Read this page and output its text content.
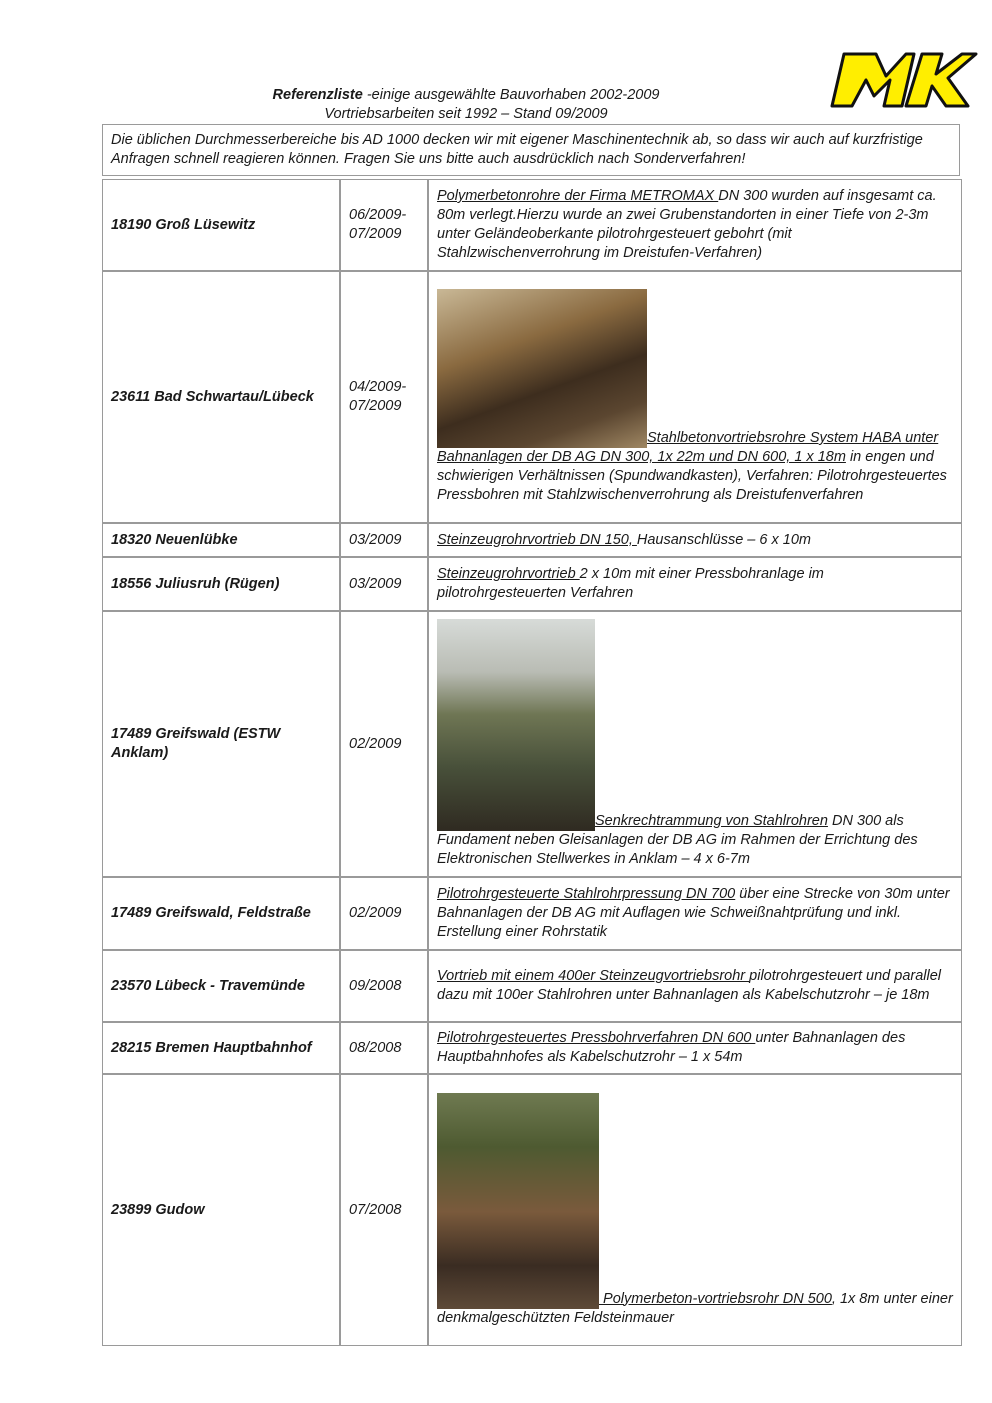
Referenzliste -einige ausgewählte Bauvorhaben 2002-2009
Vortriebsarbeiten seit 1992 – Stand 09/2009
Die üblichen Durchmesserbereiche bis AD 1000 decken wir mit eigener Maschinentechnik ab, so dass wir auch auf kurzfristige Anfragen schnell reagieren können. Fragen Sie uns bitte auch ausdrücklich nach Sonderverfahren!
18190 Groß Lüsewitz	06/2009-07/2009	Polymerbetonrohre der Firma METROMAX DN 300 wurden auf insgesamt ca. 80m verlegt.Hierzu wurde an zwei Grubenstandorten in einer Tiefe von 2-3m unter Geländeoberkante pilotrohrgesteuert gebohrt (mit Stahlzwischenverrohrung im Dreistufen-Verfahren)
23611 Bad Schwartau/Lübeck	04/2009-07/2009	Stahlbetonvortriebsrohre System HABA unter Bahnanlagen der DB AG DN 300, 1x 22m und DN 600, 1 x 18m in engen und schwierigen Verhältnissen (Spundwandkasten), Verfahren: Pilotrohrgesteuertes Pressbohren mit Stahlzwischenverrohrung als Dreistufenverfahren
18320 Neuenlübke	03/2009	Steinzeugrohrvortrieb DN 150, Hausanschlüsse – 6 x 10m
18556 Juliusruh (Rügen)	03/2009	Steinzeugrohrvortrieb 2 x 10m mit einer Pressbohranlage im pilotrohrgesteuerten Verfahren
17489 Greifswald (ESTW Anklam)	02/2009	Senkrechtrammung von Stahlrohren DN 300 als Fundament neben Gleisanlagen der DB AG im Rahmen der Errichtung des Elektronischen Stellwerkes in Anklam – 4 x 6-7m
17489 Greifswald, Feldstraße	02/2009	Pilotrohrgesteuerte Stahlrohrpressung DN 700 über eine Strecke von 30m unter Bahnanlagen der DB AG mit Auflagen wie Schweißnahtprüfung und inkl. Erstellung einer Rohrstatik
23570 Lübeck - Travemünde	09/2008	Vortrieb mit einem 400er Steinzeugvortriebsrohr pilotrohrgesteuert und parallel dazu mit 100er Stahlrohren unter Bahnanlagen als Kabelschutzrohr – je 18m
28215 Bremen Hauptbahnhof	08/2008	Pilotrohrgesteuertes Pressbohrverfahren DN 600 unter Bahnanlagen des Hauptbahnhofes als Kabelschutzrohr – 1 x 54m
23899 Gudow	07/2008	Polymerbeton-vortriebsrohr DN 500, 1x 8m unter einer denkmalgeschützten Feldsteinmauer
